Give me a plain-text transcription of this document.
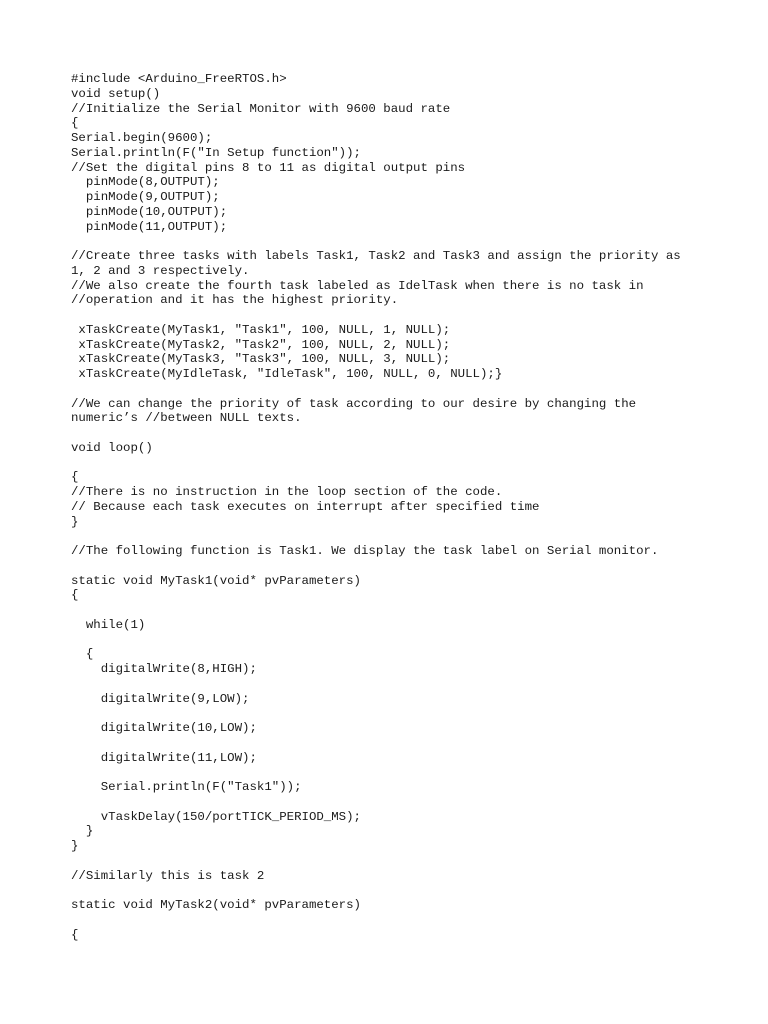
#include <Arduino_FreeRTOS.h>
void setup()
//Initialize the Serial Monitor with 9600 baud rate
{
Serial.begin(9600);
Serial.println(F("In Setup function"));
//Set the digital pins 8 to 11 as digital output pins
pinMode(8,OUTPUT);
pinMode(9,OUTPUT);
pinMode(10,OUTPUT);
pinMode(11,OUTPUT);
//Create three tasks with labels Task1, Task2 and Task3 and assign the priority as
1, 2 and 3 respectively.
//We also create the fourth task labeled as IdelTask when there is no task in
//operation and it has the highest priority.
xTaskCreate(MyTask1, "Task1", 100, NULL, 1, NULL);
xTaskCreate(MyTask2, "Task2", 100, NULL, 2, NULL);
xTaskCreate(MyTask3, "Task3", 100, NULL, 3, NULL);
xTaskCreate(MyIdleTask, "IdleTask", 100, NULL, 0, NULL);}
//We can change the priority of task according to our desire by changing the
numeric’s //between NULL texts.
void loop()
{
//There is no instruction in the loop section of the code.
// Because each task executes on interrupt after specified time
}
//The following function is Task1. We display the task label on Serial monitor.
static void MyTask1(void* pvParameters)
{
while(1)
{
digitalWrite(8,HIGH);
digitalWrite(9,LOW);
digitalWrite(10,LOW);
digitalWrite(11,LOW);
Serial.println(F("Task1"));
vTaskDelay(150/portTICK_PERIOD_MS);
}
}
//Similarly this is task 2
static void MyTask2(void* pvParameters)
{
